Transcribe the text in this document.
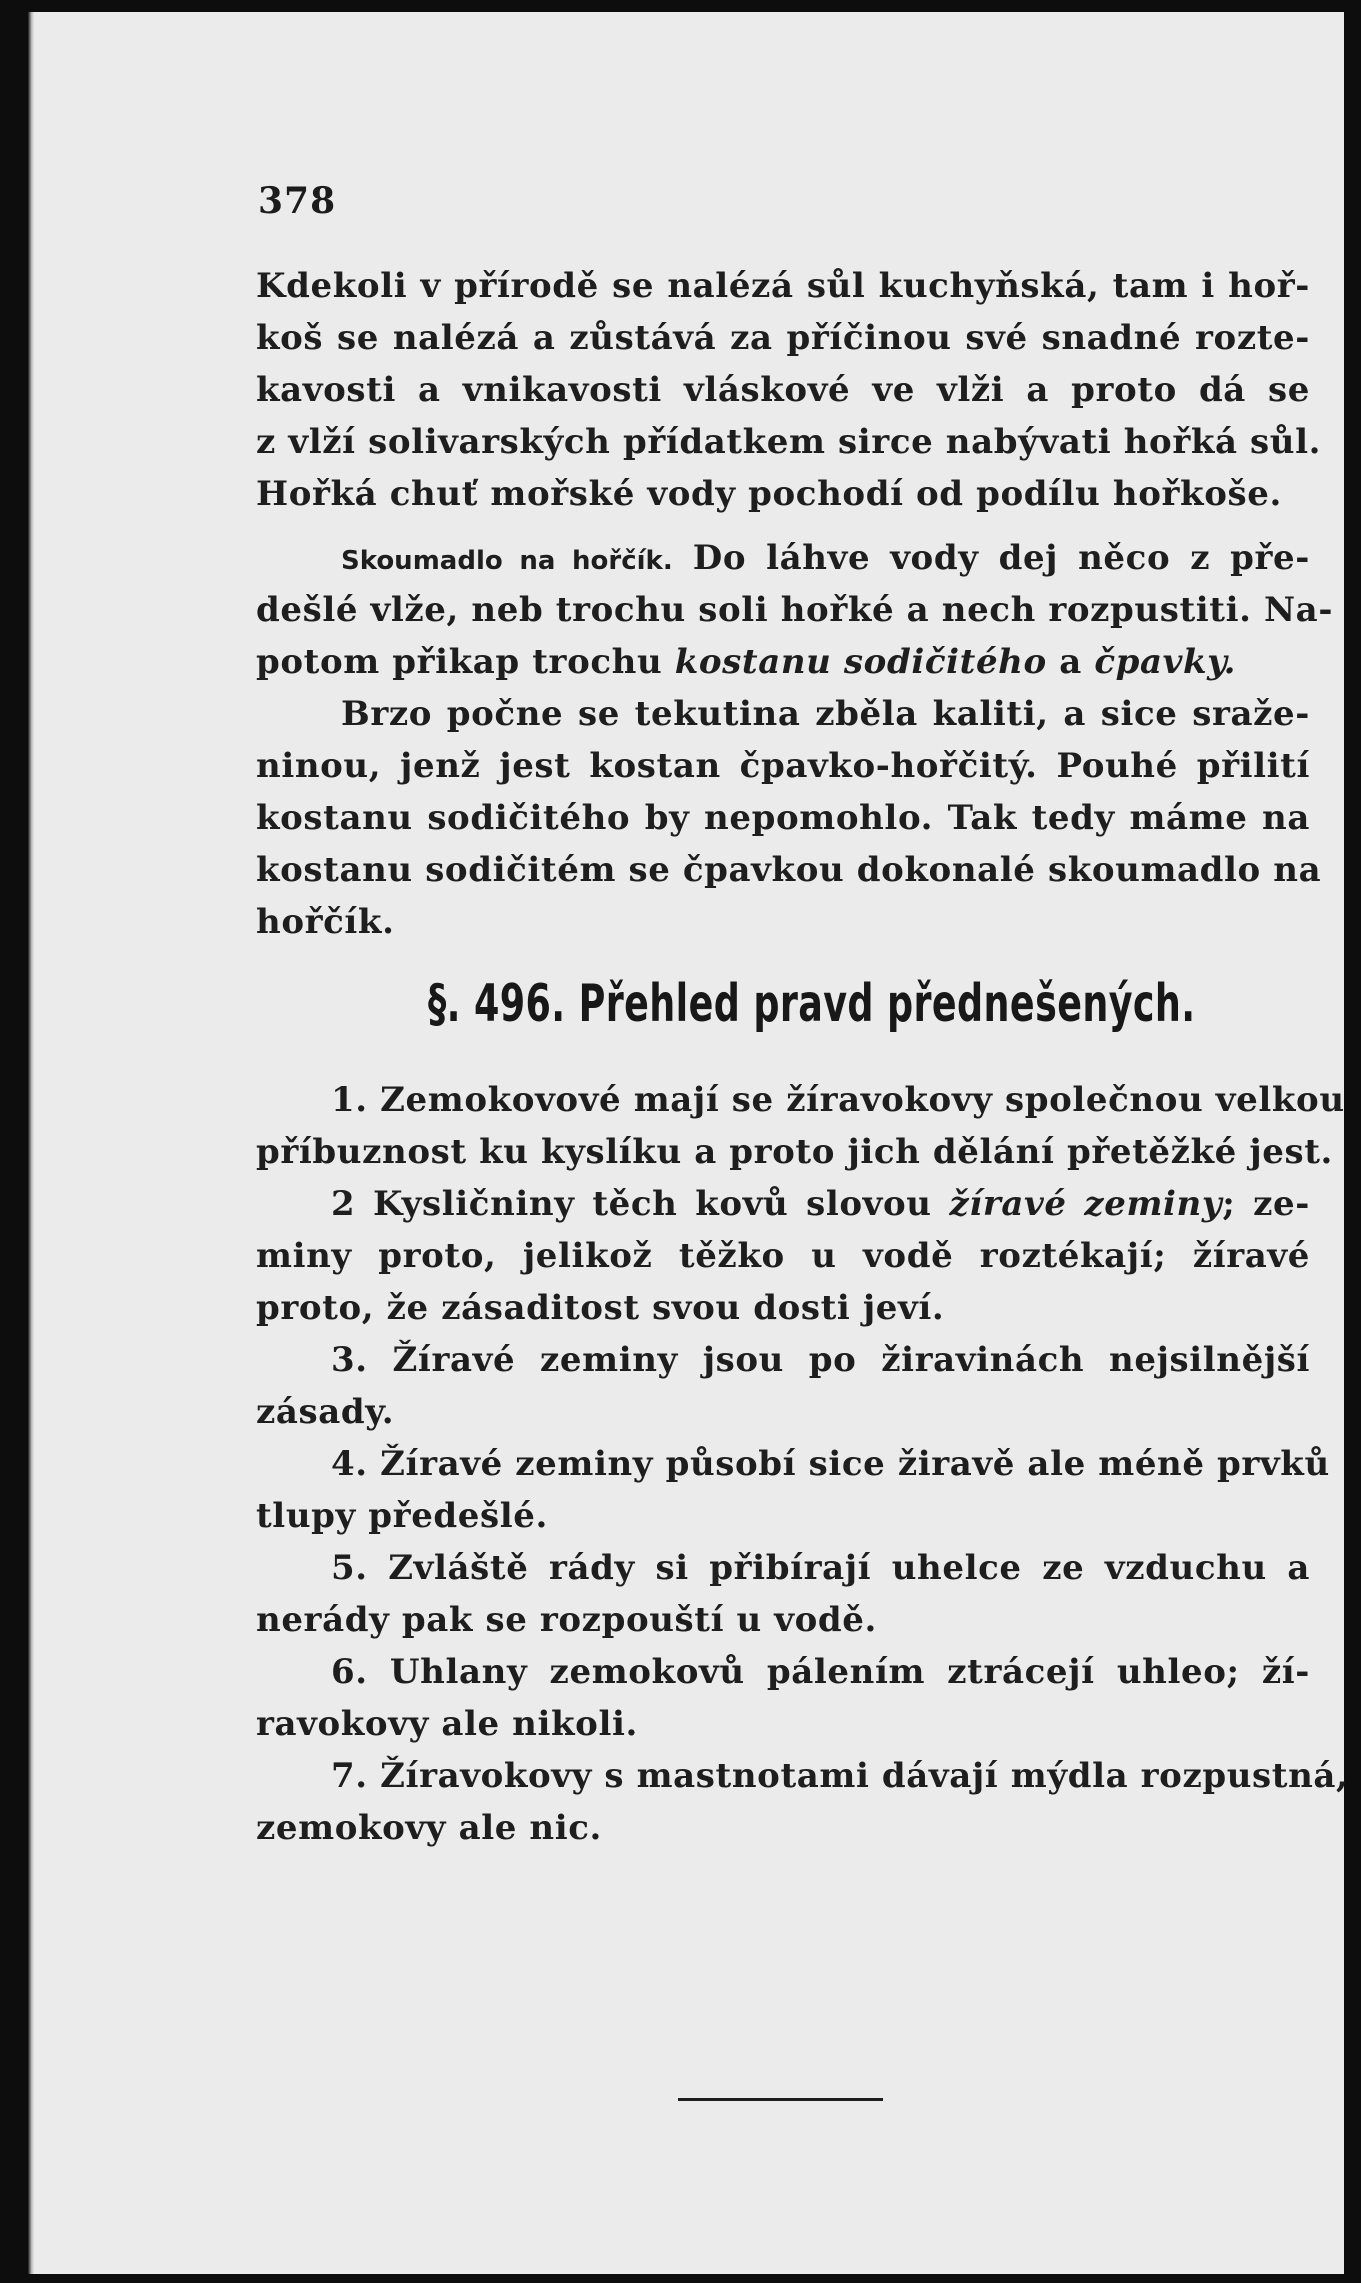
378
Kdekoli v přírodě se nalézá sůl kuchyňská, tam i hoř-
koš se nalézá a zůstává za příčinou své snadné rozte-
kavosti a vnikavosti vláskové ve vlži a proto dá se
z vlží solivarských přídatkem sirce nabývati hořká sůl.
Hořká chuť mořské vody pochodí od podílu hořkoše.
Skoumadlo na hořčík. Do láhve vody dej něco z pře-
dešlé vlže, neb trochu soli hořké a nech rozpustiti. Na-
potom přikap trochu kostanu sodičitého a čpavky.
Brzo počne se tekutina zběla kaliti, a sice sraže-
ninou, jenž jest kostan čpavko-hořčitý. Pouhé přilití
kostanu sodičitého by nepomohlo. Tak tedy máme na
kostanu sodičitém se čpavkou dokonalé skoumadlo na
hořčík.
§. 496. Přehled pravd přednešených.
1. Zemokovové mají se žíravokovy společnou velkou
příbuznost ku kyslíku a proto jich dělání přetěžké jest.
2 Kysličniny těch kovů slovou žíravé zeminy; ze-
miny proto, jelikož těžko u vodě roztékají; žíravé
proto, že zásaditost svou dosti jeví.
3. Žíravé zeminy jsou po žiravinách nejsilnější
zásady.
4. Žíravé zeminy působí sice žiravě ale méně prvků
tlupy předešlé.
5. Zvláště rády si přibírají uhelce ze vzduchu a
nerády pak se rozpouští u vodě.
6. Uhlany zemokovů pálením ztrácejí uhleo; ží-
ravokovy ale nikoli.
7. Žíravokovy s mastnotami dávají mýdla rozpustná,
zemokovy ale nic.
